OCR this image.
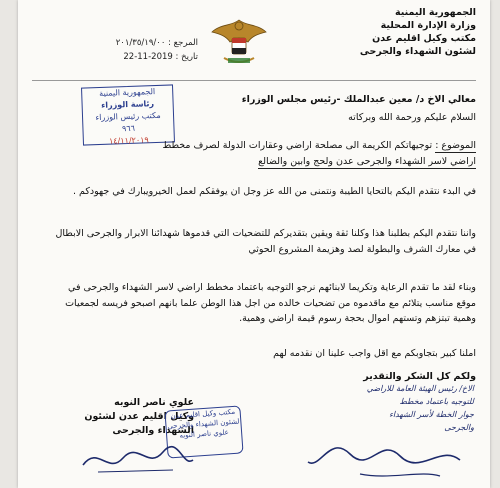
الجمهورية اليمنية
وزارة الإدارة المحلية
مكتب وكيل اقليم عدن
لشئون الشهداء والجرحى
المرجع : ٢٠١/٣٥/١٩/٠٠
تاريخ : 2019-11-22
الجمهورية اليمنية
رئاسة الوزراء
مكتب رئيس الوزراء
٩٦٦
١٤/١١/٢٠١٩

معالي الاخ د/ معين عبدالملك -رئيس مجلس الوزراء

السلام عليكم ورحمة الله وبركاته

الموضوع : توجيهاتكم الكريمة الى مصلحة اراضي وعقارات الدولة لصرف مخطط

اراضي لاسر الشهداء والجرحى عدن ولحج وابين والضالع

في البدء نتقدم اليكم بالتحايا الطيبة ونتمنى من الله عز وجل ان يوفقكم لعمل الخيرويبارك في جهودكم .

واننا نتقدم اليكم بطلبنا هذا وكلنا ثقة ويقين بتقديركم للتضحيات التي قدموها شهدائنا الابرار والجرحى الابطال في معارك الشرف والبطولة لصد وهزيمة المشروع الحوثي

وبناء لقد ما تقدم الرعاية وتكريما لابنائهم نرجو التوجيه باعتماد مخطط اراضي لاسر الشهداء والجرحى في موقع مناسب يتلائم مع ماقدموه من تضحيات خالده من اجل هذا الوطن علما بانهم اصبحو فريسه لجمعيات وهمية تبتزهم وتستهم اموال بحجة رسوم قيمة اراضي وهمية.

املنا كبير بتجاوبكم مع اقل واجب علينا ان نقدمه لهم

ولكم كل الشكر والتقدير
علوي ناصر النوبه
وكيل اقليم عدن لشئون
الشهداء والجرحى
مكتب وكيل اقليم عدن
لشئون الشهداء والجرحى
علوي ناصر النوبه
الاخ/ رئيس الهيئة العامة للاراضي
للتوجيه باعتماد مخطط
جوار الخطة لأسر الشهداء
والجرحى
